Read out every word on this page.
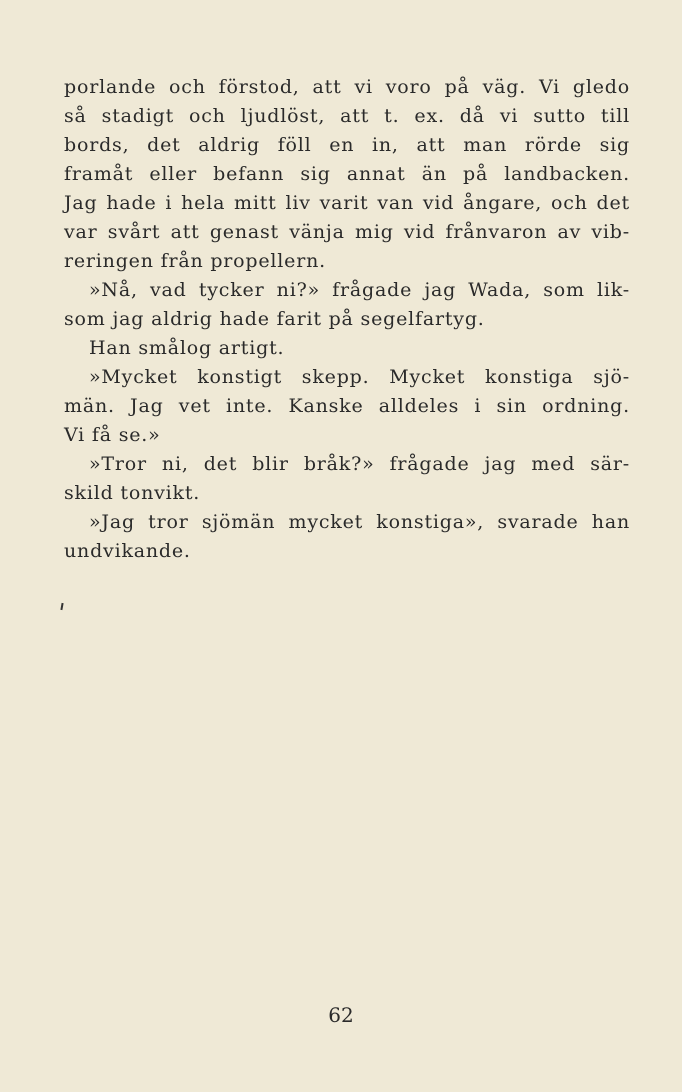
porlande och förstod, att vi voro på väg. Vi gledo

så stadigt och ljudlöst, att t. ex. då vi sutto till

bords, det aldrig föll en in, att man rörde sig

framåt eller befann sig annat än på landbacken.

Jag hade i hela mitt liv varit van vid ångare, och det

var svårt att genast vänja mig vid frånvaron av vib-

reringen från propellern.

»Nå, vad tycker ni?» frågade jag Wada, som lik-

som jag aldrig hade farit på segelfartyg.

Han smålog artigt.

»Mycket konstigt skepp. Mycket konstiga sjö-

män. Jag vet inte. Kanske alldeles i sin ordning.

Vi få se.»

»Tror ni, det blir bråk?» frågade jag med sär-

skild tonvikt.

»Jag tror sjömän mycket konstiga», svarade han

undvikande.

62
